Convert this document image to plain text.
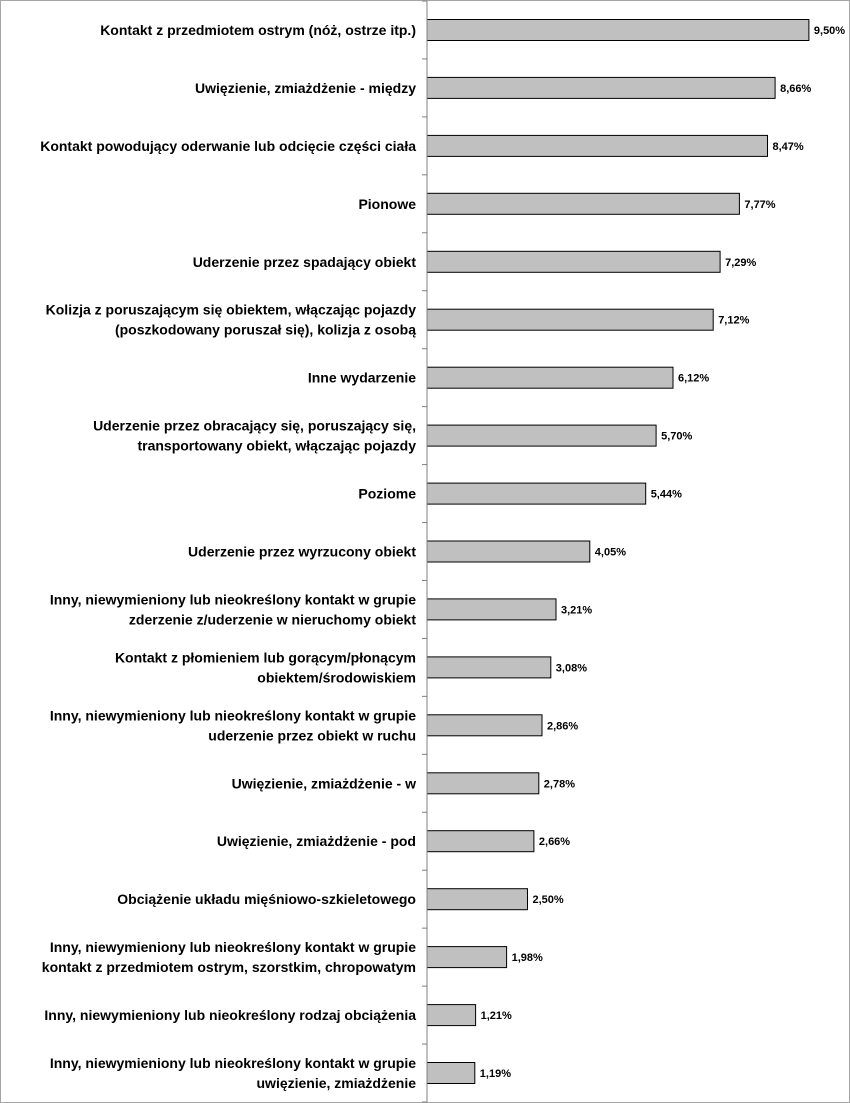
9,50%
Kontakt z przedmiotem ostrym (nóż, ostrze itp.)
8,66%
Uwięzienie, zmiażdżenie - między
8,47%
Kontakt powodujący oderwanie lub odcięcie części ciała
7,77%
Pionowe
7,29%
Uderzenie przez spadający obiekt
7,12%
Kolizja z poruszającym się obiektem, włączając pojazdy (poszkodowany poruszał się), kolizja z osobą
6,12%
Inne wydarzenie
5,70%
Uderzenie przez obracający się, poruszający się, transportowany obiekt, włączając pojazdy
5,44%
Poziome
4,05%
Uderzenie przez wyrzucony obiekt
3,21%
Inny, niewymieniony lub nieokreślony kontakt w grupie zderzenie z/uderzenie w nieruchomy obiekt
3,08%
Kontakt z płomieniem lub gorącym/płonącym obiektem/środowiskiem
2,86%
Inny, niewymieniony lub nieokreślony kontakt w grupie uderzenie przez obiekt w ruchu
2,78%
Uwięzienie, zmiażdżenie - w
2,66%
Uwięzienie, zmiażdżenie - pod
2,50%
Obciążenie układu mięśniowo-szkieletowego
1,98%
Inny, niewymieniony lub nieokreślony kontakt w grupie kontakt z przedmiotem ostrym, szorstkim, chropowatym
1,21%
Inny, niewymieniony lub nieokreślony rodzaj obciążenia
1,19%
Inny, niewymieniony lub nieokreślony kontakt w grupie uwięzienie, zmiażdżenie
